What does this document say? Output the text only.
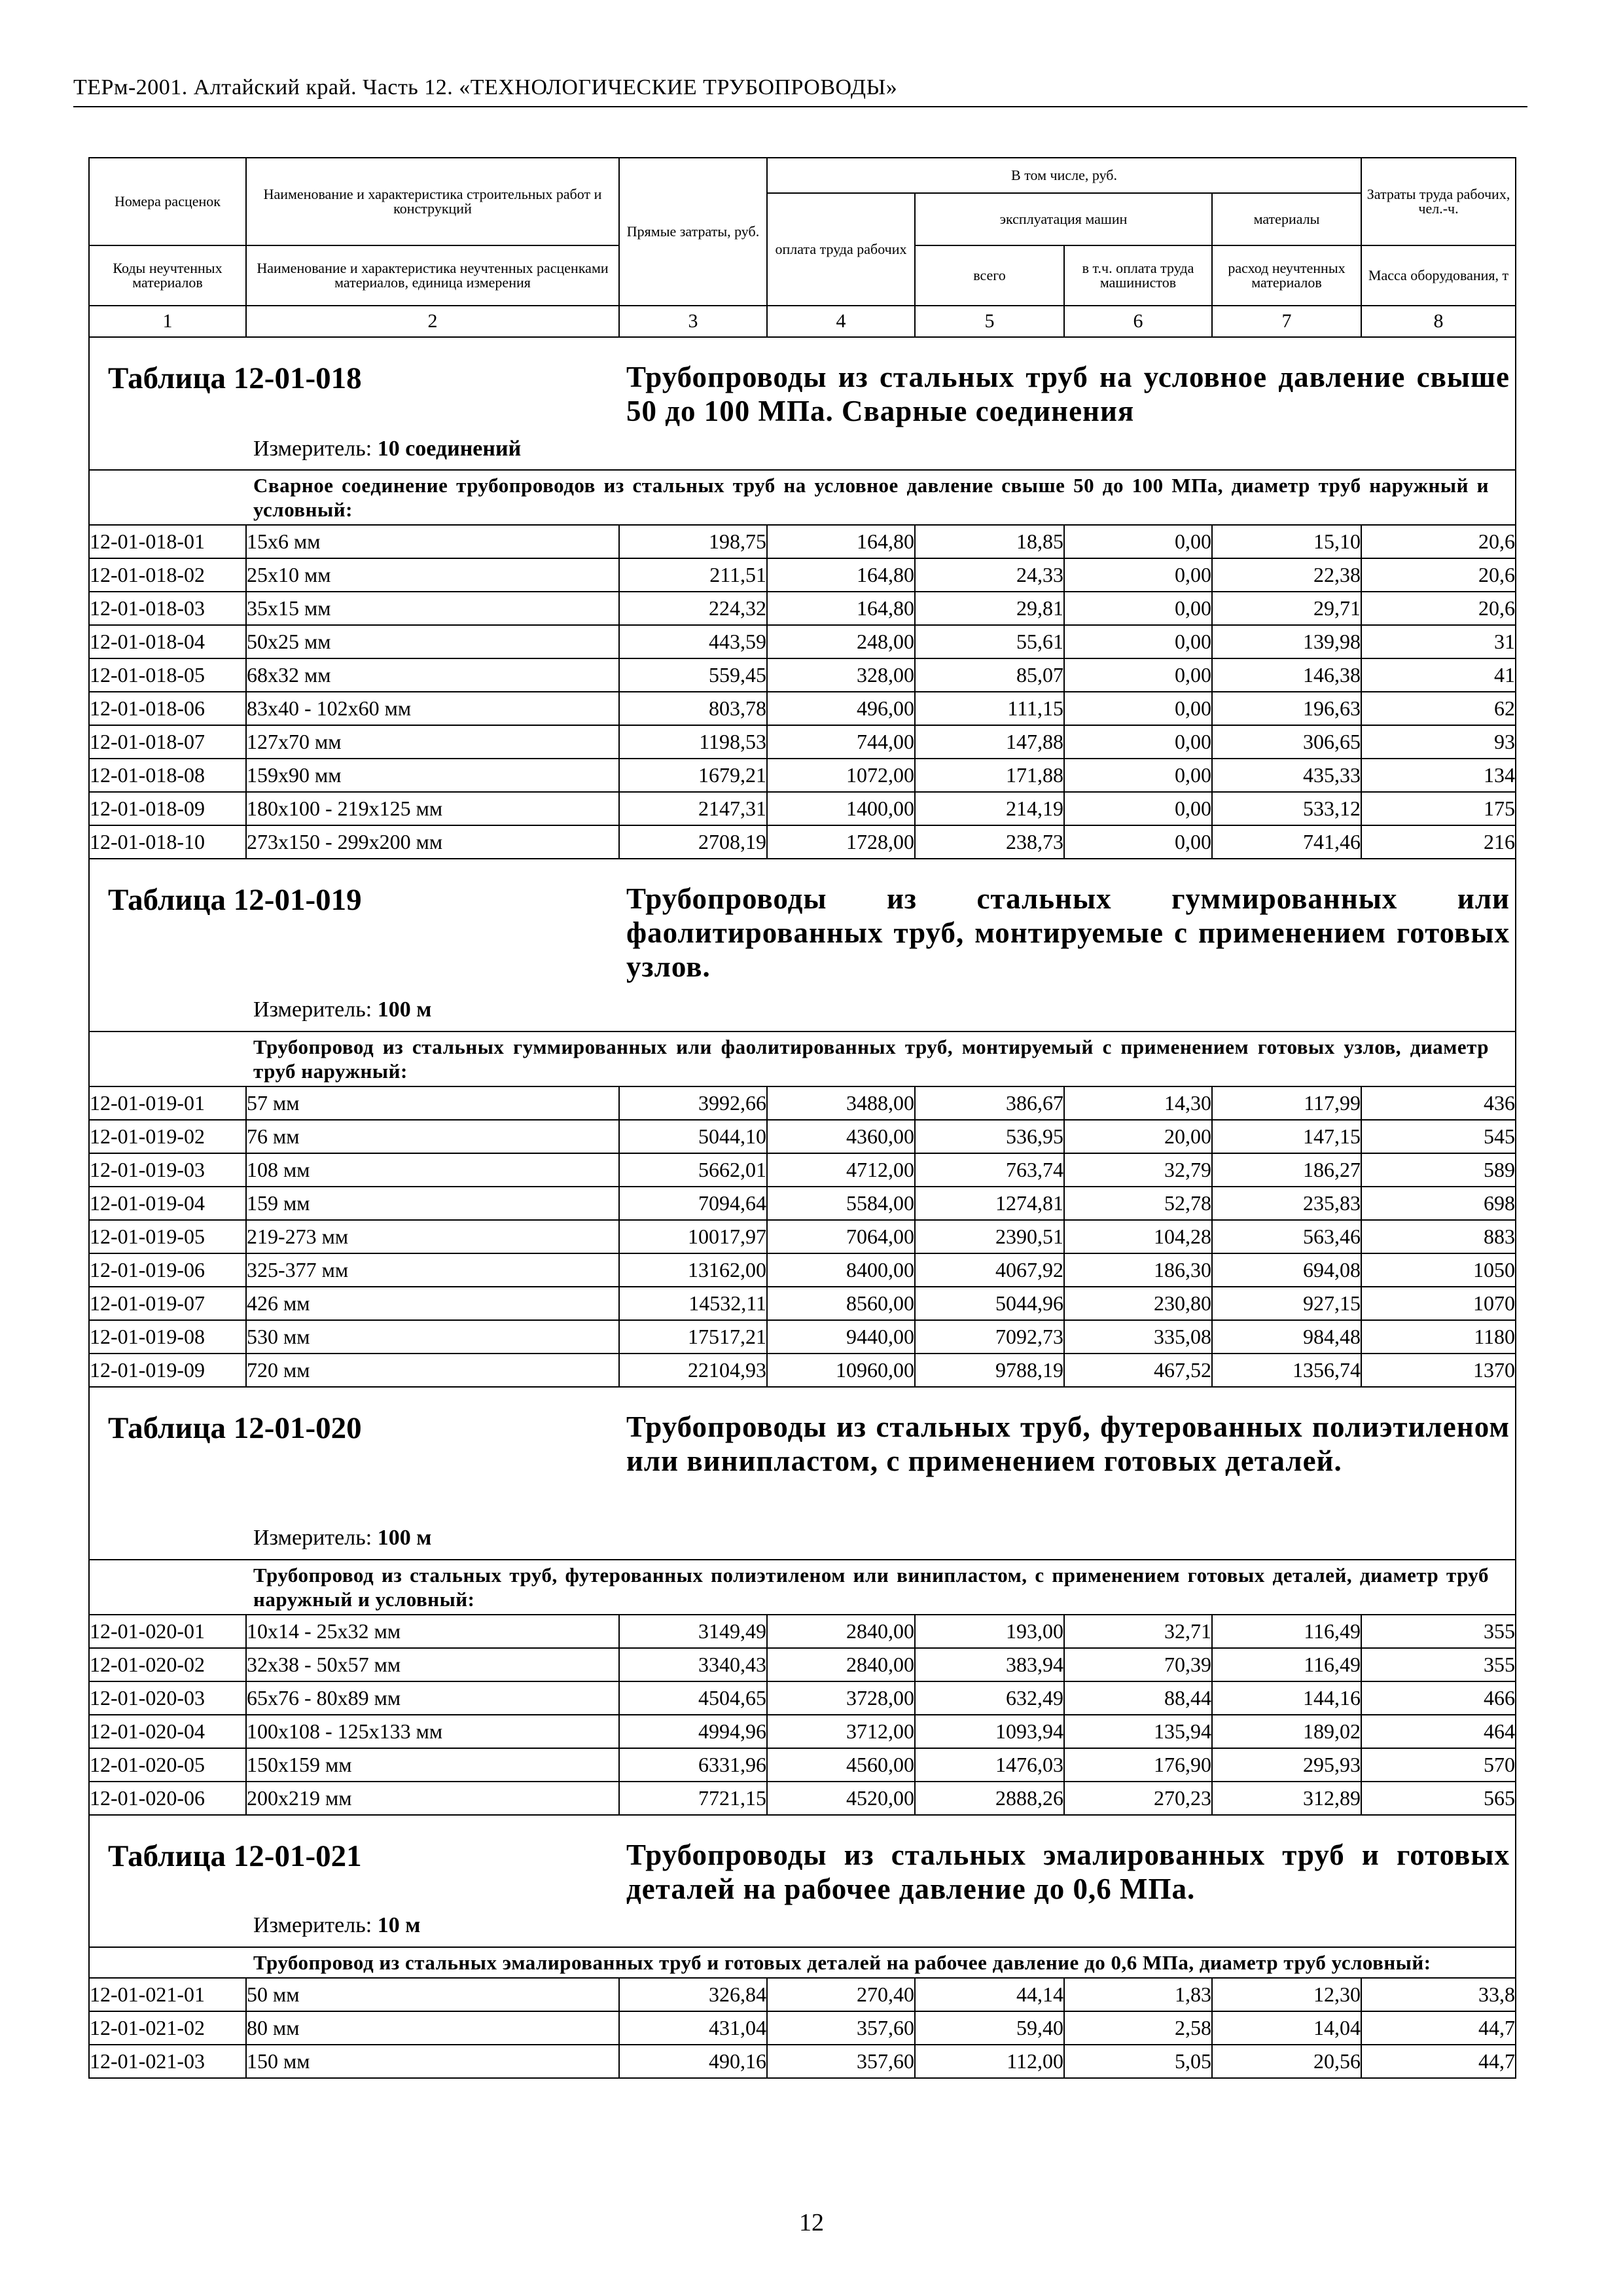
ТЕРм-2001. Алтайский край. Часть 12. «ТЕХНОЛОГИЧЕСКИЕ ТРУБОПРОВОДЫ»
Номера расценок	Наименование и характеристика строительных работ и конструкций	Прямые затраты, руб.	В том числе, руб.				Затраты труда рабочих, чел.-ч.
			оплата труда рабочих	эксплуатация машин		материалы	
Коды неучтенных материалов	Наименование и характеристика неучтенных расценками материалов, единица измерения			всего	в т.ч. оплата труда машинистов	расход неучтенных материалов	Масса оборудования, т

1	2	3	4	5	6	7	8

Таблица 12-01-018 Трубопроводы из стальных труб на условное давление свыше 50 до 100 МПа. Сварные соединения
Измеритель: 10 соединений							

Сварное соединение трубопроводов из стальных труб на условное давление свыше 50 до 100 МПа, диаметр труб наружный и условный:							
12-01-018-01	15x6 мм	198,75	164,80	18,85	0,00	15,10	20,6
12-01-018-02	25x10 мм	211,51	164,80	24,33	0,00	22,38	20,6
12-01-018-03	35x15 мм	224,32	164,80	29,81	0,00	29,71	20,6
12-01-018-04	50x25 мм	443,59	248,00	55,61	0,00	139,98	31
12-01-018-05	68x32 мм	559,45	328,00	85,07	0,00	146,38	41
12-01-018-06	83x40 - 102x60 мм	803,78	496,00	111,15	0,00	196,63	62
12-01-018-07	127x70 мм	1198,53	744,00	147,88	0,00	306,65	93
12-01-018-08	159x90 мм	1679,21	1072,00	171,88	0,00	435,33	134
12-01-018-09	180x100 - 219x125 мм	2147,31	1400,00	214,19	0,00	533,12	175
12-01-018-10	273x150 - 299x200 мм	2708,19	1728,00	238,73	0,00	741,46	216

Таблица 12-01-019 Трубопроводы из стальных гуммированных или фаолитированных труб, монтируемые с применением готовых узлов.
Измеритель: 100 м							

Трубопровод из стальных гуммированных или фаолитированных труб, монтируемый с применением готовых узлов, диаметр труб наружный:							
12-01-019-01	57 мм	3992,66	3488,00	386,67	14,30	117,99	436
12-01-019-02	76 мм	5044,10	4360,00	536,95	20,00	147,15	545
12-01-019-03	108 мм	5662,01	4712,00	763,74	32,79	186,27	589
12-01-019-04	159 мм	7094,64	5584,00	1274,81	52,78	235,83	698
12-01-019-05	219-273 мм	10017,97	7064,00	2390,51	104,28	563,46	883
12-01-019-06	325-377 мм	13162,00	8400,00	4067,92	186,30	694,08	1050
12-01-019-07	426 мм	14532,11	8560,00	5044,96	230,80	927,15	1070
12-01-019-08	530 мм	17517,21	9440,00	7092,73	335,08	984,48	1180
12-01-019-09	720 мм	22104,93	10960,00	9788,19	467,52	1356,74	1370

Таблица 12-01-020 Трубопроводы из стальных труб, футерованных полиэтиленом или винипластом, с применением готовых деталей.
Измеритель: 100 м							

Трубопровод из стальных труб, футерованных полиэтиленом или винипластом, с применением готовых деталей, диаметр труб наружный и условный:							
12-01-020-01	10x14 - 25x32 мм	3149,49	2840,00	193,00	32,71	116,49	355
12-01-020-02	32x38 - 50x57 мм	3340,43	2840,00	383,94	70,39	116,49	355
12-01-020-03	65x76 - 80x89 мм	4504,65	3728,00	632,49	88,44	144,16	466
12-01-020-04	100x108 - 125x133 мм	4994,96	3712,00	1093,94	135,94	189,02	464
12-01-020-05	150x159 мм	6331,96	4560,00	1476,03	176,90	295,93	570
12-01-020-06	200x219 мм	7721,15	4520,00	2888,26	270,23	312,89	565

Таблица 12-01-021 Трубопроводы из стальных эмалированных труб и готовых деталей на рабочее давление до 0,6 МПа.
Измеритель: 10 м							

Трубопровод из стальных эмалированных труб и готовых деталей на рабочее давление до 0,6 МПа, диаметр труб условный:							
12-01-021-01	50 мм	326,84	270,40	44,14	1,83	12,30	33,8
12-01-021-02	80 мм	431,04	357,60	59,40	2,58	14,04	44,7
12-01-021-03	150 мм	490,16	357,60	112,00	5,05	20,56	44,7
12
